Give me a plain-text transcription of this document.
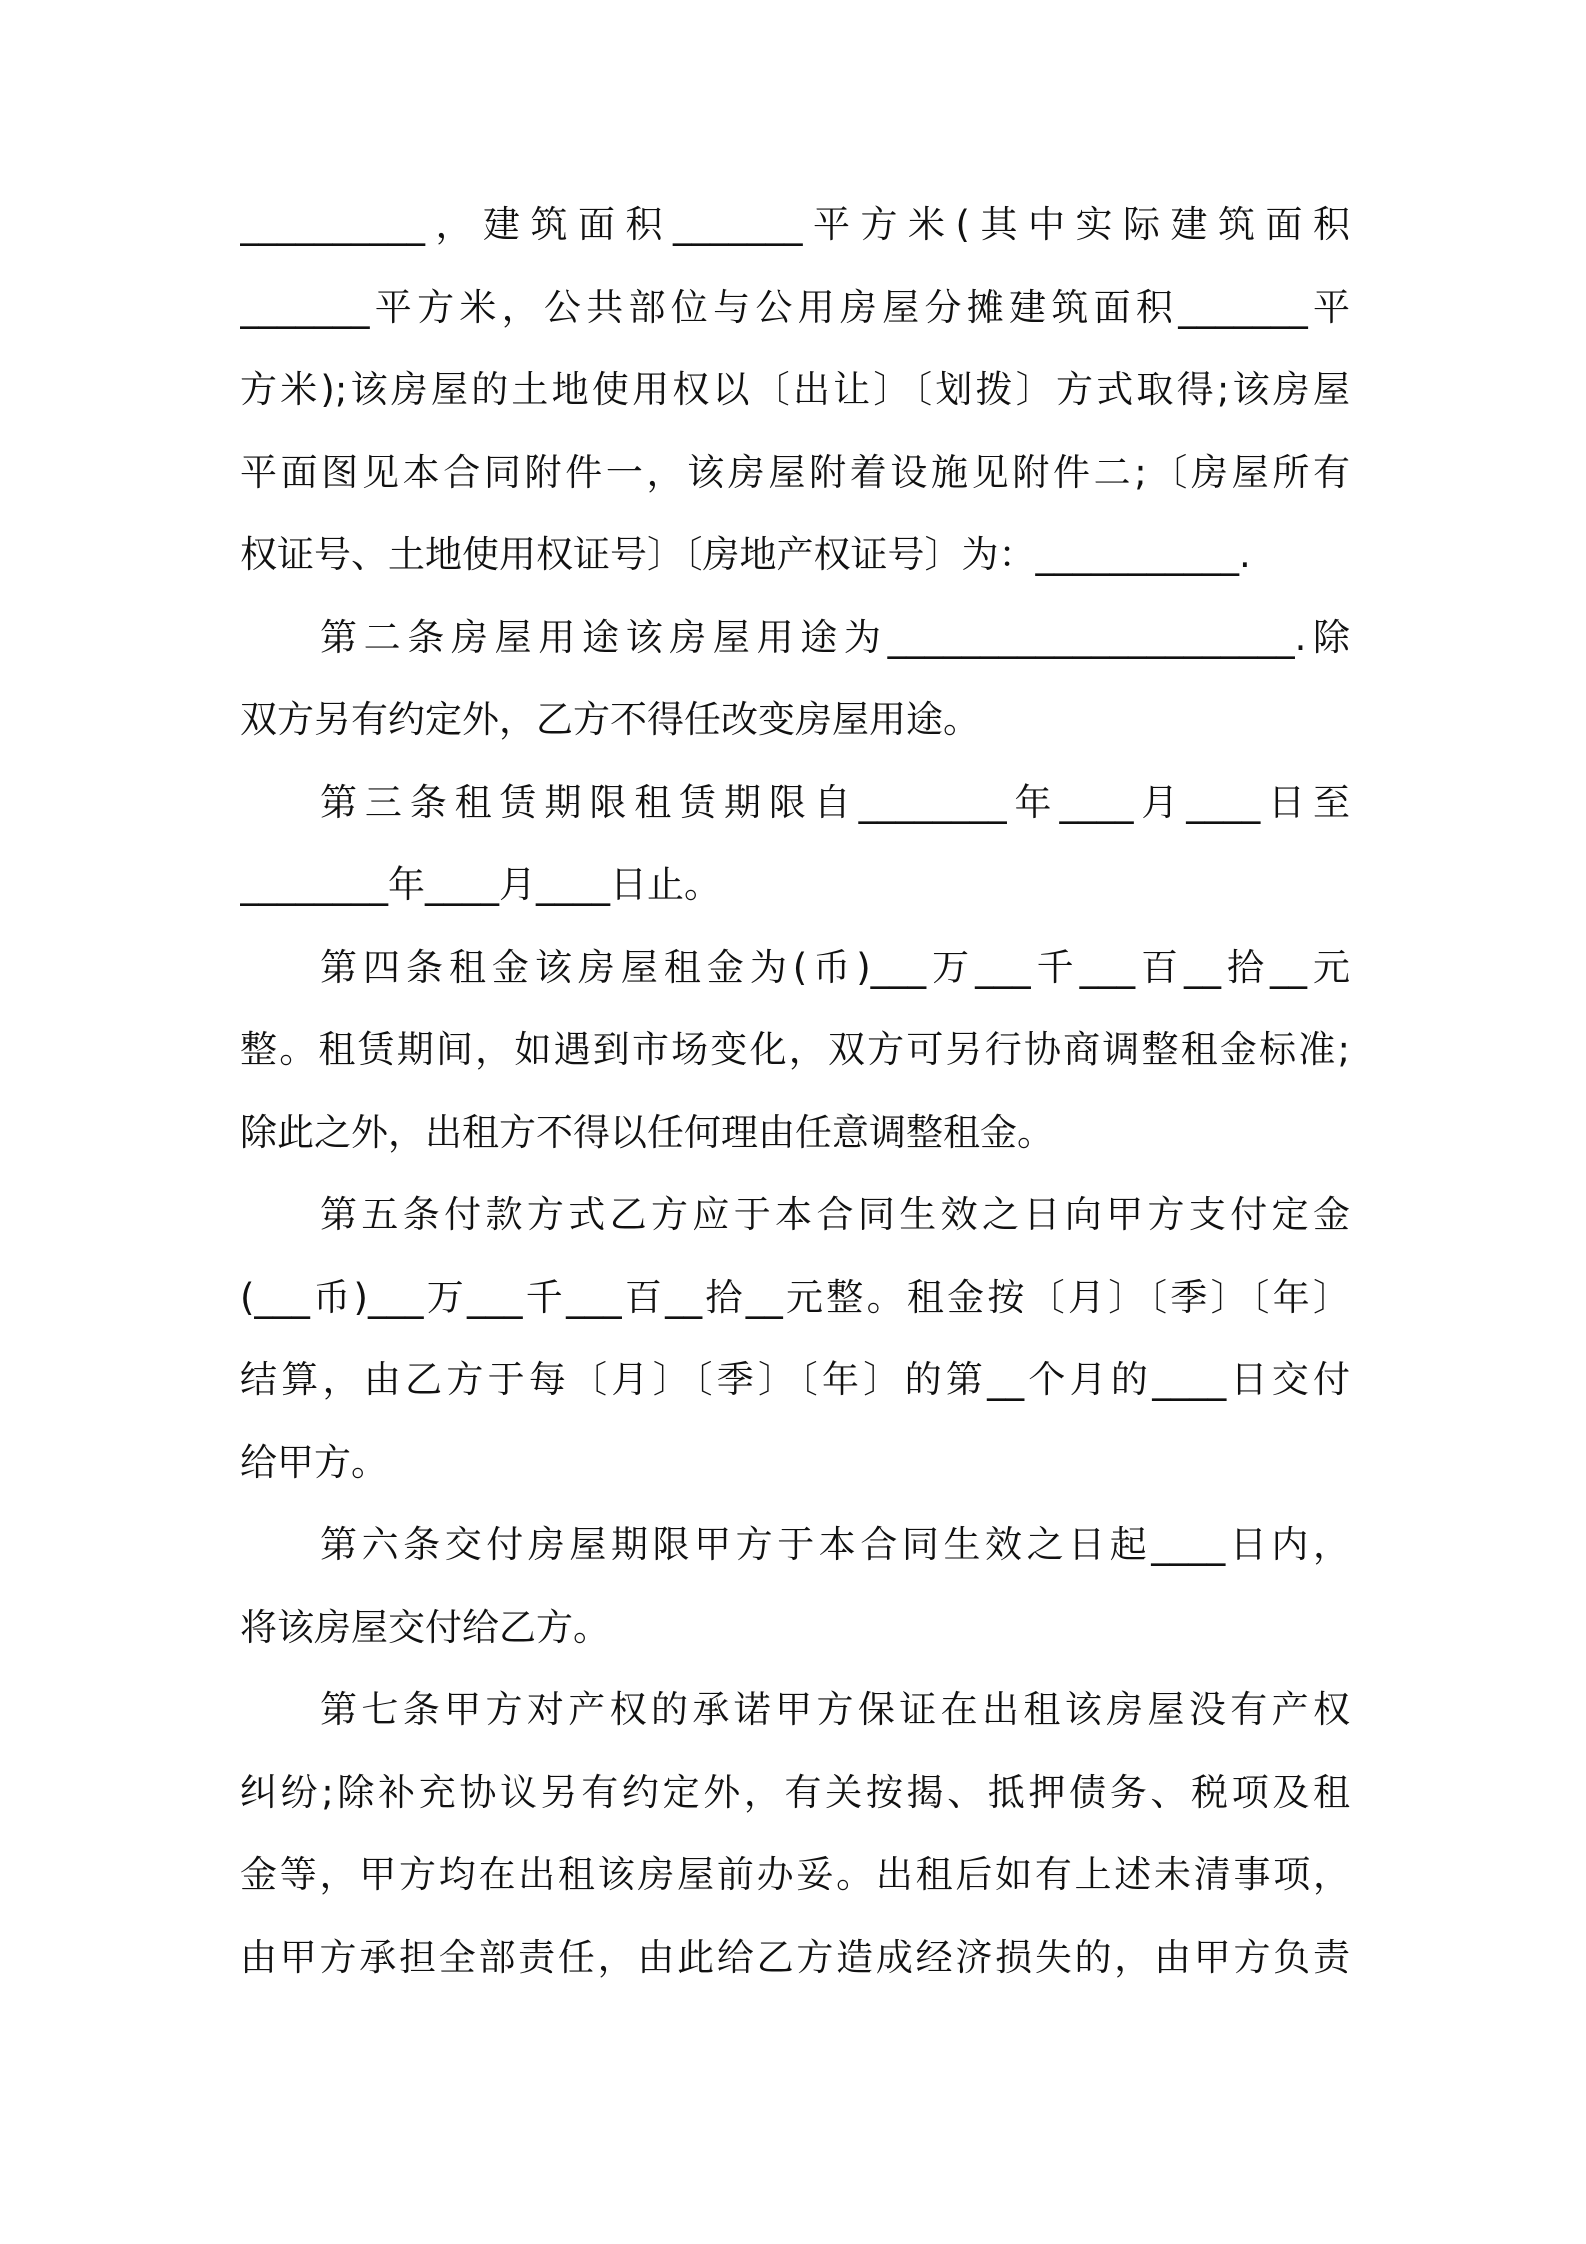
__________，建筑面积_______平方米(其中实际建筑面积
_______平方米，公共部位与公用房屋分摊建筑面积_______平
方米);该房屋的土地使用权以〔出让〕〔划拨〕方式取得;该房屋
平面图见本合同附件一，该房屋附着设施见附件二;〔房屋所有
权证号、土地使用权证号〕〔房地产权证号〕为：___________.
第二条房屋用途该房屋用途为______________________.除
双方另有约定外，乙方不得任改变房屋用途。
第三条租赁期限租赁期限自________年____月____日至
________年____月____日止。
第四条租金该房屋租金为(币)___万___千___百__拾__元
整。租赁期间，如遇到市场变化，双方可另行协商调整租金标准;
除此之外，出租方不得以任何理由任意调整租金。
第五条付款方式乙方应于本合同生效之日向甲方支付定金
(___币)___万___千___百__拾__元整。租金按〔月〕〔季〕〔年〕
结算，由乙方于每〔月〕〔季〕〔年〕的第__个月的____日交付
给甲方。
第六条交付房屋期限甲方于本合同生效之日起____日内，
将该房屋交付给乙方。
第七条甲方对产权的承诺甲方保证在出租该房屋没有产权
纠纷;除补充协议另有约定外，有关按揭、抵押债务、税项及租
金等，甲方均在出租该房屋前办妥。出租后如有上述未清事项，
由甲方承担全部责任，由此给乙方造成经济损失的，由甲方负责
